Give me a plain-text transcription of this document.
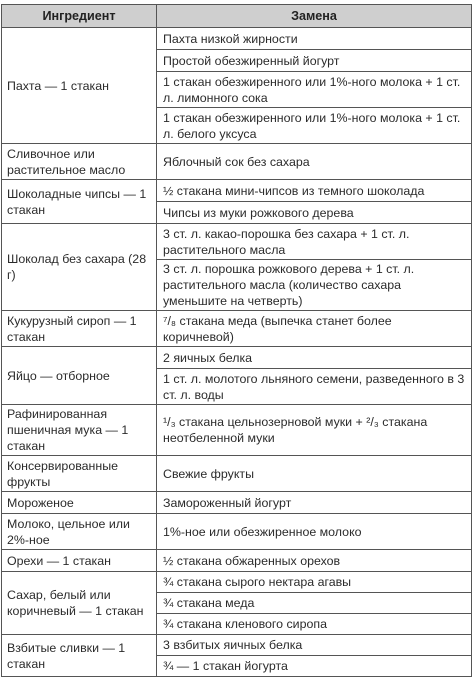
Ингредиент	Замена
Пахта — 1 стакан	Пахта низкой жирности
	Простой обезжиренный йогурт
	1 стакан обезжиренного или 1%-ного молока + 1 ст. л. лимонного сока
	1 стакан обезжиренного или 1%-ного молока + 1 ст. л. белого уксуса
Сливочное или растительное масло	Яблочный сок без сахара
Шоколадные чипсы — 1 стакан	½ стакана мини-чипсов из темного шоколада
	Чипсы из муки рожкового дерева
Шоколад без сахара (28 г)	3 ст. л. какао-порошка без сахара + 1 ст. л. растительного масла
	3 ст. л. порошка рожкового дерева + 1 ст. л. растительного масла (количество сахара уменьшите на четверть)
Кукурузный сироп — 1 стакан	⁷/₈ стакана меда (выпечка станет более коричневой)
Яйцо — отборное	2 яичных белка
	1 ст. л. молотого льняного семени, разведенного в 3 ст. л. воды
Рафинированная пшеничная мука — 1 стакан	¹/₃ стакана цельнозерновой муки + ²/₃ стакана неотбеленной муки
Консервированные фрукты	Свежие фрукты
Мороженое	Замороженный йогурт
Молоко, цельное или 2%-ное	1%-ное или обезжиренное молоко
Орехи — 1 стакан	½ стакана обжаренных орехов
Сахар, белый или коричневый — 1 стакан	¾ стакана сырого нектара агавы
	¾ стакана меда
	¾ стакана кленового сиропа
Взбитые сливки — 1 стакан	3 взбитых яичных белка
	¾ — 1 стакан йогурта
